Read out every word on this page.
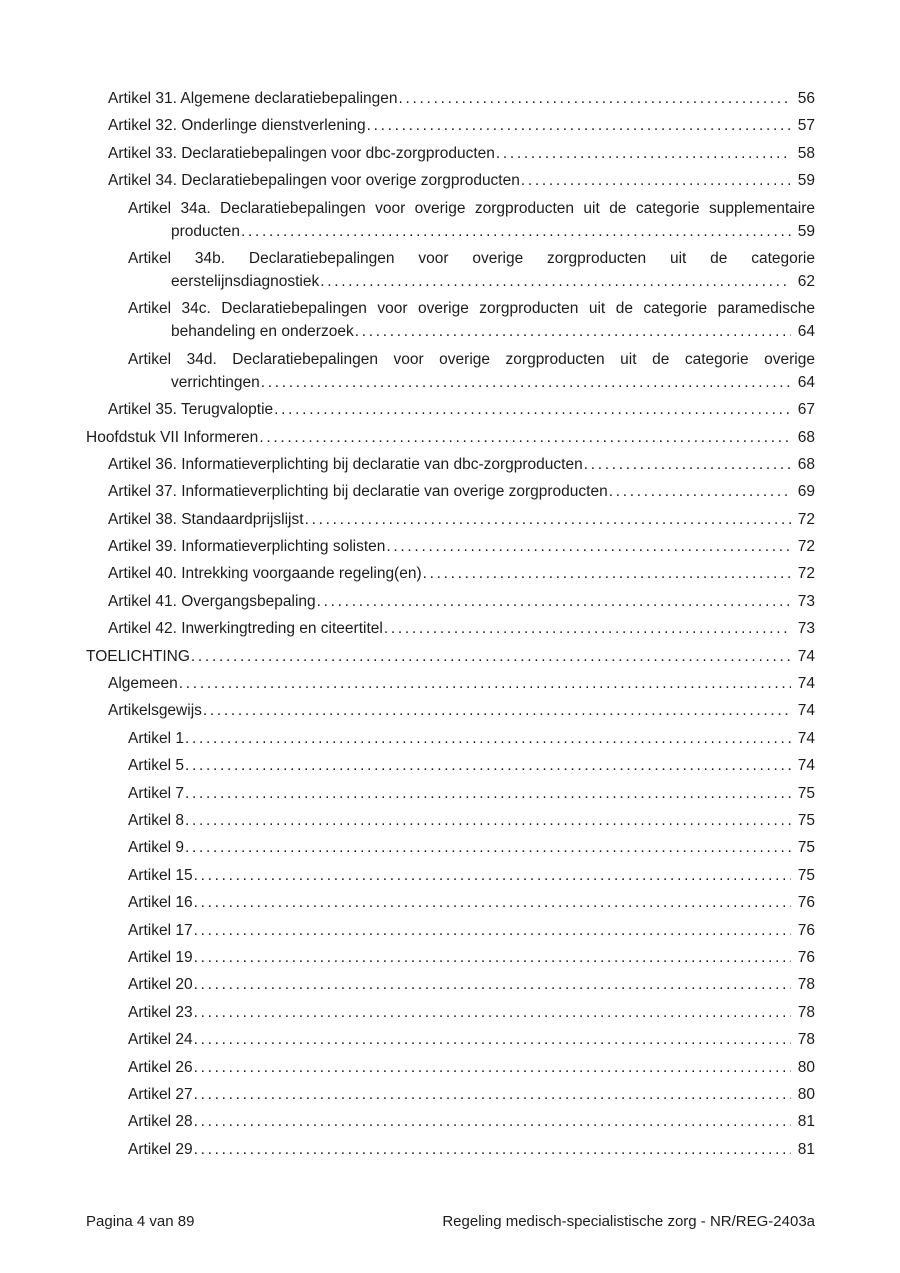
Artikel 31. Algemene declaratiebepalingen .....	56
Artikel 32. Onderlinge dienstverlening .....	57
Artikel 33. Declaratiebepalingen voor dbc-zorgproducten .....	58
Artikel 34. Declaratiebepalingen voor overige zorgproducten .....	59
Artikel 34a. Declaratiebepalingen voor overige zorgproducten uit de categorie supplementaire
producten .....	59
Artikel 34b. Declaratiebepalingen voor overige zorgproducten uit de categorie
eerstelijnsdiagnostiek .....	62
Artikel 34c. Declaratiebepalingen voor overige zorgproducten uit de categorie paramedische
behandeling en onderzoek .....	64
Artikel 34d. Declaratiebepalingen voor overige zorgproducten uit de categorie overige
verrichtingen .....	64
Artikel 35. Terugvaloptie .....	67
Hoofdstuk VII Informeren .....	68
Artikel 36. Informatieverplichting bij declaratie van dbc-zorgproducten .....	68
Artikel 37. Informatieverplichting bij declaratie van overige zorgproducten .....	69
Artikel 38. Standaardprijslijst .....	72
Artikel 39. Informatieverplichting solisten .....	72
Artikel 40. Intrekking voorgaande regeling(en) .....	72
Artikel 41. Overgangsbepaling .....	73
Artikel 42. Inwerkingtreding en citeertitel .....	73
TOELICHTING .....	74
Algemeen .....	74
Artikelsgewijs .....	74
Artikel 1 .....	74
Artikel 5 .....	74
Artikel 7 .....	75
Artikel 8 .....	75
Artikel 9 .....	75
Artikel 15 .....	75
Artikel 16 .....	76
Artikel 17 .....	76
Artikel 19 .....	76
Artikel 20 .....	78
Artikel 23 .....	78
Artikel 24 .....	78
Artikel 26 .....	80
Artikel 27 .....	80
Artikel 28 .....	81
Artikel 29 .....	81
Pagina 4 van 89	Regeling medisch-specialistische zorg - NR/REG-2403a
